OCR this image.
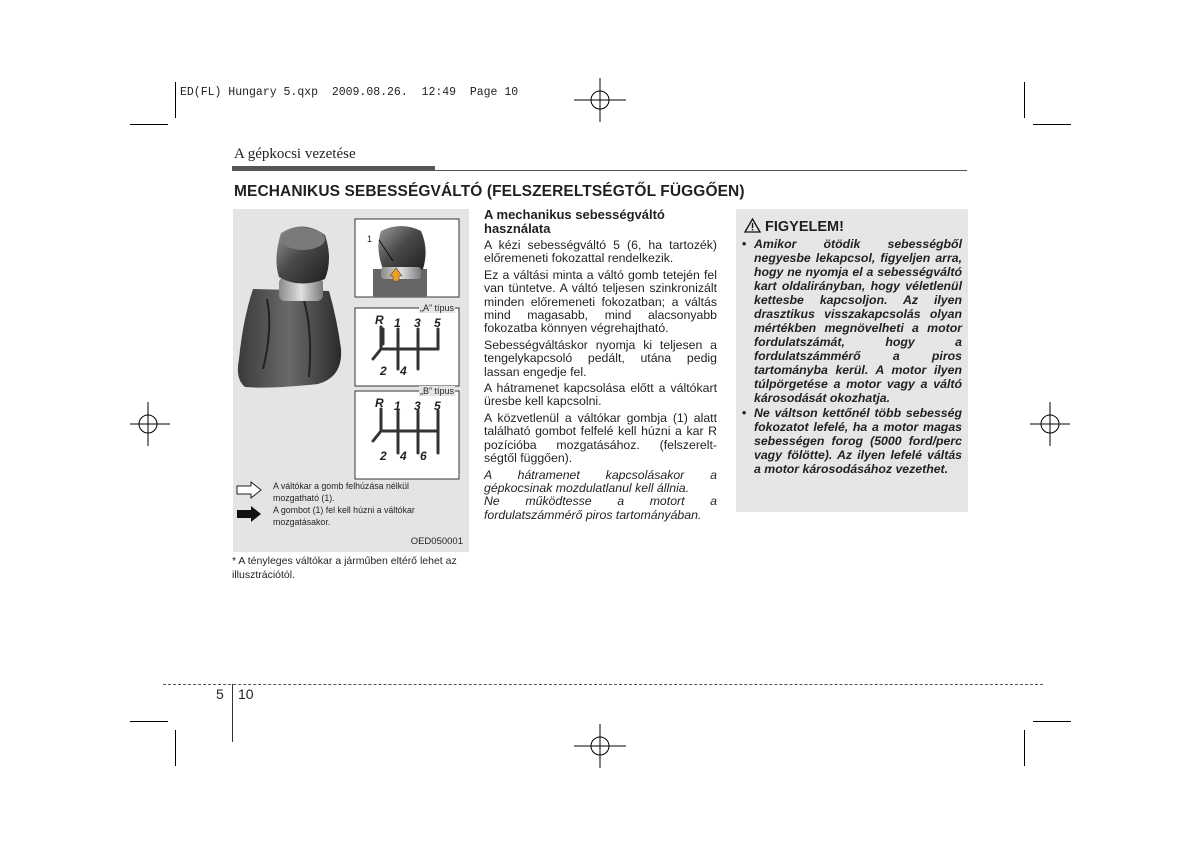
ED(FL) Hungary 5.qxp  2009.08.26.  12:49  Page 10
A gépkocsi vezetése
MECHANIKUS SEBESSÉGVÁLTÓ (FELSZERELTSÉGTŐL FÜGGŐEN)
1
„A” típus
„B” típus
R 1 3 5
2 4
R 1 3 5
2 4 6
A váltókar a gomb felhúzása nélkül mozgatható (1).
A gombot (1) fel kell húzni a váltókar mozgatásakor.
OED050001
* A tényleges váltókar a járműben eltérő lehet az illusztrációtól.
A mechanikus sebességváltó használata

A kézi sebességváltó 5 (6, ha tartozék) előremeneti fokozattal rendelkezik.

Ez a váltási minta a váltó gomb tetején fel van tüntetve. A váltó teljesen szinkronizált minden előremeneti fokozatban; a váltás mind magasabb, mind alacsonyabb fokozatba könnyen végrehajtható.

Sebességváltáskor nyomja ki teljesen a tengelykapcsoló pedált, utána pedig lassan engedje fel.

A hátramenet kapcsolása előtt a váltókart üresbe kell kapcsolni.

A közvetlenül a váltókar gombja (1) alatt található gombot felfelé kell húzni a kar R pozícióba mozgatásához. (felszerelt-ségtől függően).

A hátramenet kapcsolásakor a gépkocsinak mozdulatlanul kell állnia.

Ne működtesse a motort a fordulatszámmérő piros tartományában.

FIGYELEM!
• Amikor ötödik sebességből negyesbe lekapcsol, figyeljen arra, hogy ne nyomja el a sebességváltó kart oldalirányban, hogy véletlenül kettesbe kapcsoljon. Az ilyen drasztikus visszakapcsolás olyan mértékben megnövelheti a motor fordulatszámát, hogy a fordulatszámmérő a piros tartományba kerül. A motor ilyen túlpörgetése a motor vagy a váltó károsodását okozhatja.
• Ne váltson kettőnél több sebesség fokozatot lefelé, ha a motor magas sebességen forog (5000 ford/perc vagy fölötte). Az ilyen lefelé váltás a motor károsodásához vezethet.
5 10
